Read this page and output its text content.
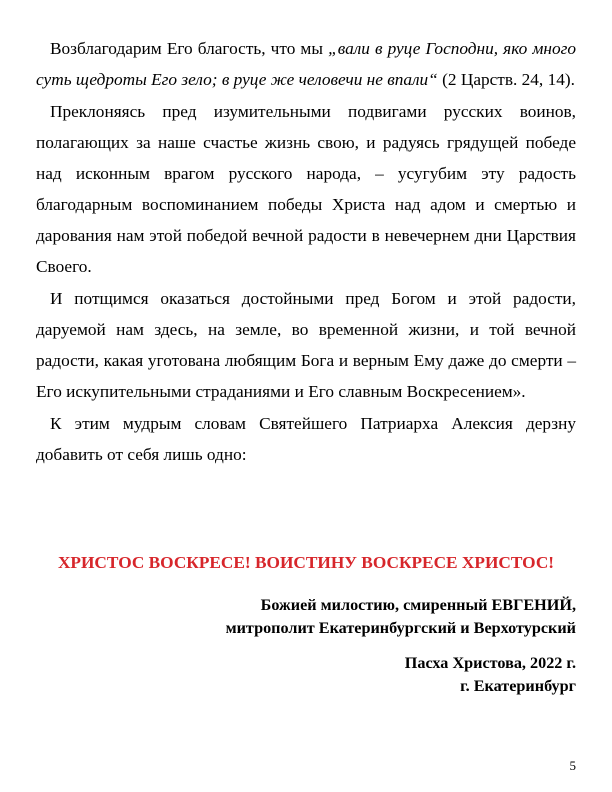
Возблагодарим Его благость, что мы „вали в руце Господни, яко много суть щедроты Его зело; в руце же человечи не впали“ (2 Царств. 24, 14).

Преклоняясь пред изумительными подвигами русских воинов, полагающих за наше счастье жизнь свою, и радуясь грядущей победе над исконным врагом русского народа, – усугубим эту радость благодарным воспоминанием победы Христа над адом и смертью и дарования нам этой победой вечной радости в невечернем дни Царствия Своего.

И потщимся оказаться достойными пред Богом и этой радости, даруемой нам здесь, на земле, во временной жизни, и той вечной радости, какая уготована любящим Бога и верным Ему даже до смерти – Его искупительными страданиями и Его славным Воскресением».

К этим мудрым словам Святейшего Патриарха Алексия дерзну добавить от себя лишь одно:

ХРИСТОС ВОСКРЕСЕ! ВОИСТИНУ ВОСКРЕСЕ ХРИСТОС!
Божией милостию, смиренный ЕВГЕНИЙ,
митрополит Екатеринбургский и Верхотурский
Пасха Христова, 2022 г.
г. Екатеринбург
5
